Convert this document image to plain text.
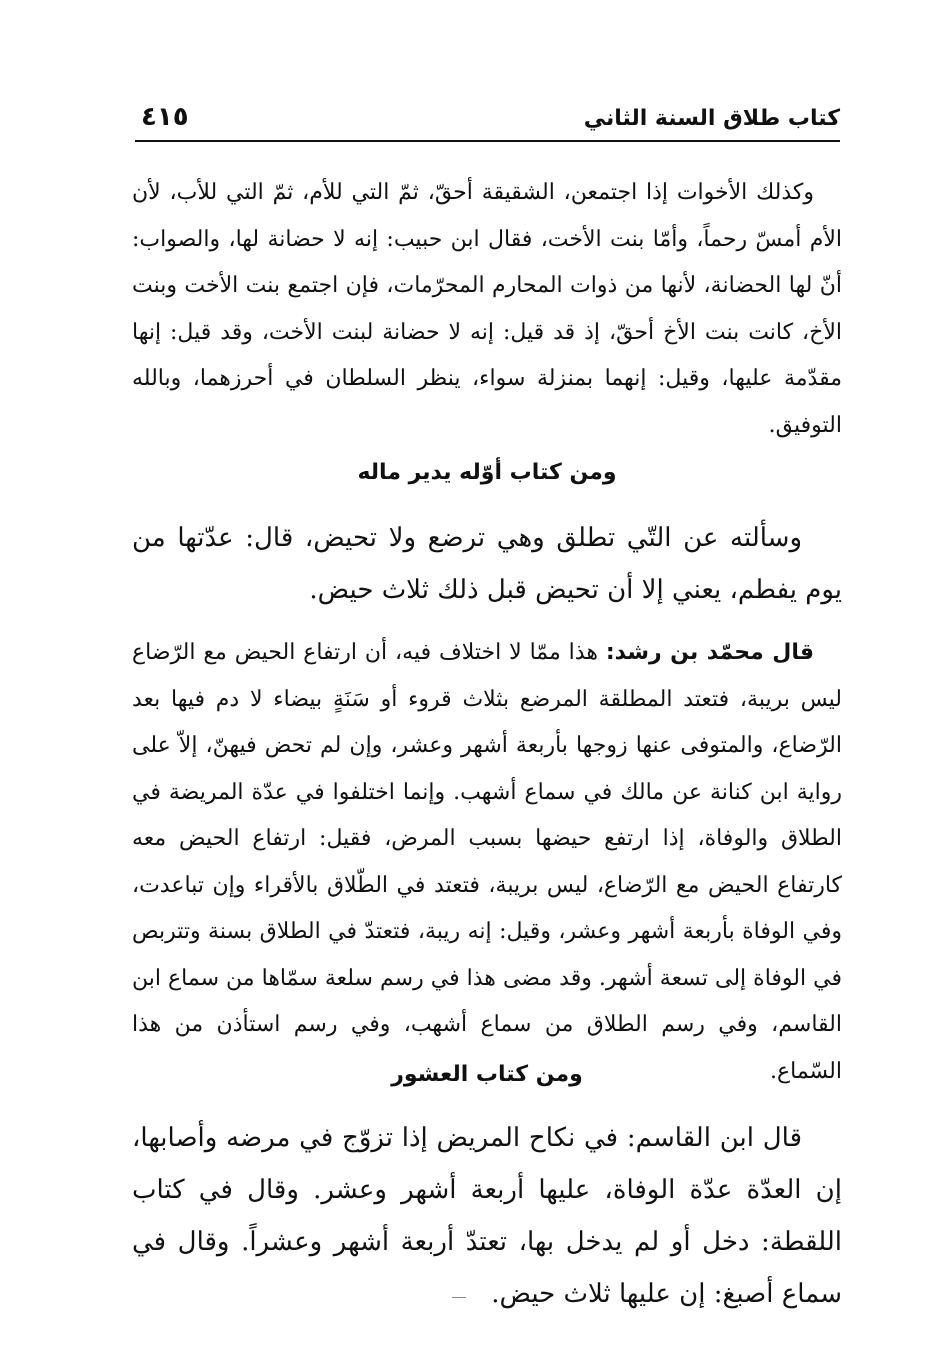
كتاب طلاق السنة الثاني
٤١٥

وكذلك الأخوات إذا اجتمعن، الشقيقة أحقّ، ثمّ التي للأم، ثمّ التي للأب، لأن الأم أمسّ رحماً، وأمّا بنت الأخت، فقال ابن حبيب: إنه لا حضانة لها، والصواب: أنّ لها الحضانة، لأنها من ذوات المحارم المحرّمات، فإن اجتمع بنت الأخت وبنت الأخ، كانت بنت الأخ أحقّ، إذ قد قيل: إنه لا حضانة لبنت الأخت، وقد قيل: إنها مقدّمة عليها، وقيل: إنهما بمنزلة سواء، ينظر السلطان في أحرزهما، وبالله التوفيق.

ومن كتاب أوّله يدير ماله

وسألته عن التّي تطلق وهي ترضع ولا تحيض، قال: عدّتها من يوم يفطم، يعني إلا أن تحيض قبل ذلك ثلاث حيض.

قال محمّد بن رشد: هذا ممّا لا اختلاف فيه، أن ارتفاع الحيض مع الرّضاع ليس بريبة، فتعتد المطلقة المرضع بثلاث قروء أو سَنَةٍ بيضاء لا دم فيها بعد الرّضاع، والمتوفى عنها زوجها بأربعة أشهر وعشر، وإن لم تحض فيهنّ، إلاّ على رواية ابن كنانة عن مالك في سماع أشهب. وإنما اختلفوا في عدّة المريضة في الطلاق والوفاة، إذا ارتفع حيضها بسبب المرض، فقيل: ارتفاع الحيض معه كارتفاع الحيض مع الرّضاع، ليس بريبة، فتعتد في الطّلاق بالأقراء وإن تباعدت، وفي الوفاة بأربعة أشهر وعشر، وقيل: إنه ريبة، فتعتدّ في الطلاق بسنة وتتربص في الوفاة إلى تسعة أشهر. وقد مضى هذا في رسم سلعة سمّاها من سماع ابن القاسم، وفي رسم الطلاق من سماع أشهب، وفي رسم استأذن من هذا السّماع.

ومن كتاب العشور

قال ابن القاسم: في نكاح المريض إذا تزوّج في مرضه وأصابها، إن العدّة عدّة الوفاة، عليها أربعة أشهر وعشر. وقال في كتاب اللقطة: دخل أو لم يدخل بها، تعتدّ أربعة أشهر وعشراً. وقال في سماع أصبغ: إن عليها ثلاث حيض.
